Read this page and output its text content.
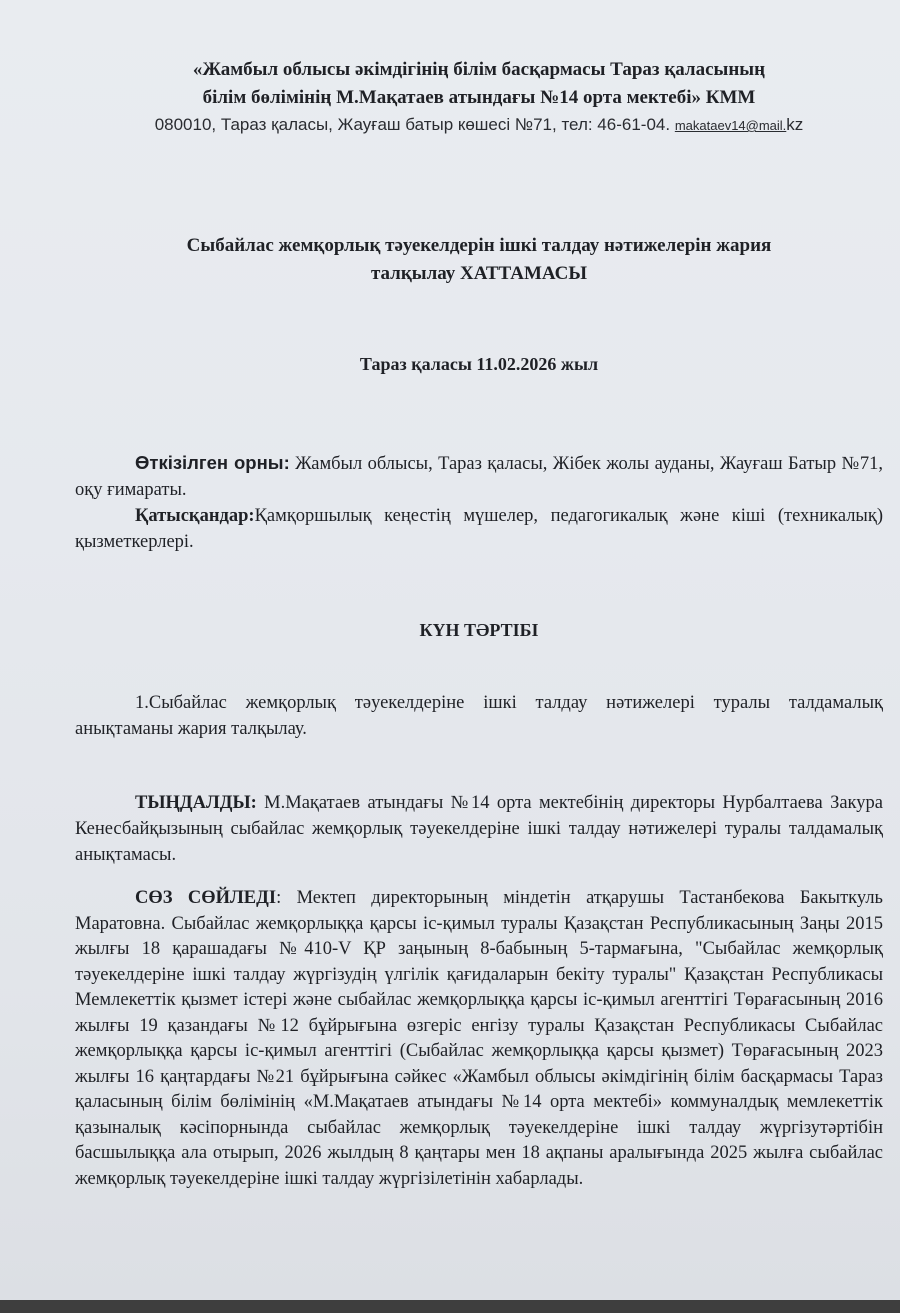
«Жамбыл облысы әкімдігінің білім басқармасы Тараз қаласының
білім бөлімінің М.Мақатаев атындағы №14 орта мектебі» КММ
080010, Тараз қаласы, Жауғаш батыр көшесі №71, тел: 46-61-04. makataev14@mail.kz
Сыбайлас жемқорлық тәуекелдерін ішкі талдау нәтижелерін жария
талқылау ХАТТАМАСЫ
Тараз қаласы 11.02.2026 жыл
Өткізілген орны: Жамбыл облысы, Тараз қаласы, Жібек жолы ауданы, Жауғаш Батыр №71, оқу ғимараты.
Қатысқандар:Қамқоршылық кеңестің мүшелер, педагогикалық және кіші (техникалық) қызметкерлері.
КҮН ТӘРТІБІ
1.Сыбайлас жемқорлық тәуекелдеріне ішкі талдау нәтижелері туралы талдамалық анықтаманы жария талқылау.
ТЫҢДАЛДЫ: М.Мақатаев атындағы №14 орта мектебінің директоры Нурбалтаева Закура Кенесбайқызының сыбайлас жемқорлық тәуекелдеріне ішкі талдау нәтижелері туралы талдамалық анықтамасы.
СӨЗ СӨЙЛЕДІ: Мектеп директорының міндетін атқарушы Тастанбекова Бакыткуль Маратовна. Сыбайлас жемқорлыққа қарсы іс-қимыл туралы Қазақстан Республикасының Заңы 2015 жылғы 18 қарашадағы №410-V ҚР заңының 8-бабының 5-тармағына, "Сыбайлас жемқорлық тәуекелдеріне ішкі талдау жүргізудің үлгілік қағидаларын бекіту туралы" Қазақстан Республикасы Мемлекеттік қызмет істері және сыбайлас жемқорлыққа қарсы іс-қимыл агенттігі Төрағасының 2016 жылғы 19 қазандағы №12 бұйрығына өзгеріс енгізу туралы Қазақстан Республикасы Сыбайлас жемқорлыққа қарсы іс-қимыл агенттігі (Сыбайлас жемқорлыққа қарсы қызмет) Төрағасының 2023 жылғы 16 қаңтардағы №21 бұйрығына сәйкес «Жамбыл облысы әкімдігінің білім басқармасы Тараз қаласының білім бөлімінің «М.Мақатаев атындағы №14 орта мектебі» коммуналдық мемлекеттік қазыналық кәсіпорнында сыбайлас жемқорлық тәуекелдеріне ішкі талдау жүргізутәртібін басшылыққа ала отырып, 2026 жылдың 8 қаңтары мен 18 ақпаны аралығында 2025 жылға сыбайлас жемқорлық тәуекелдеріне ішкі талдау жүргізілетінін хабарлады.
